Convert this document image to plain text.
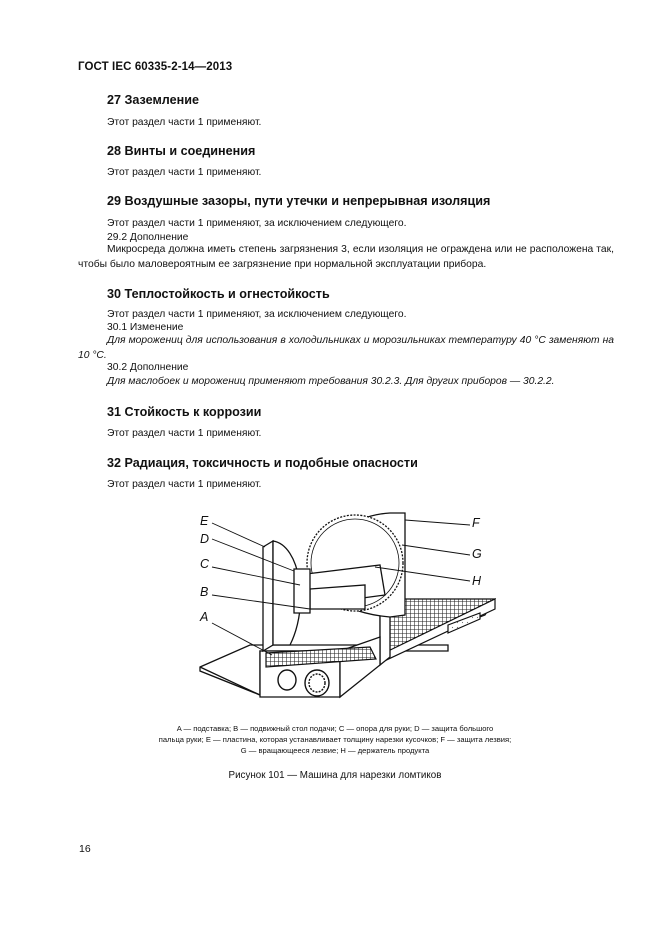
ГОСТ IEC 60335-2-14—2013
27 Заземление
Этот раздел части 1 применяют.
28 Винты и соединения
Этот раздел части 1 применяют.
29 Воздушные зазоры, пути утечки и непрерывная изоляция
Этот раздел части 1 применяют, за исключением следующего.
29.2 Дополнение
Микросреда должна иметь степень загрязнения 3, если изоляция не ограждена или не расположена так, чтобы было маловероятным ее загрязнение при нормальной эксплуатации прибора.
30 Теплостойкость и огнестойкость
Этот раздел части 1 применяют, за исключением следующего.
30.1 Изменение
Для морожениц для использования в холодильниках и морозильниках температуру 40 °С заменяют на 10 °С.
30.2 Дополнение
Для маслобоек и морожениц применяют требования 30.2.3. Для других приборов — 30.2.2.
31 Стойкость к коррозии
Этот раздел части 1 применяют.
32 Радиация, токсичность и подобные опасности
Этот раздел части 1 применяют.
E
D
C
B
A
F
G
H
A — подставка; B — подвижный стол подачи; C — опора для руки; D — защита большого
пальца руки; E — пластина, которая устанавливает толщину нарезки кусочков; F — защита лезвия;
G — вращающееся лезвие; H — держатель продукта
Рисунок 101 — Машина для нарезки ломтиков
16
